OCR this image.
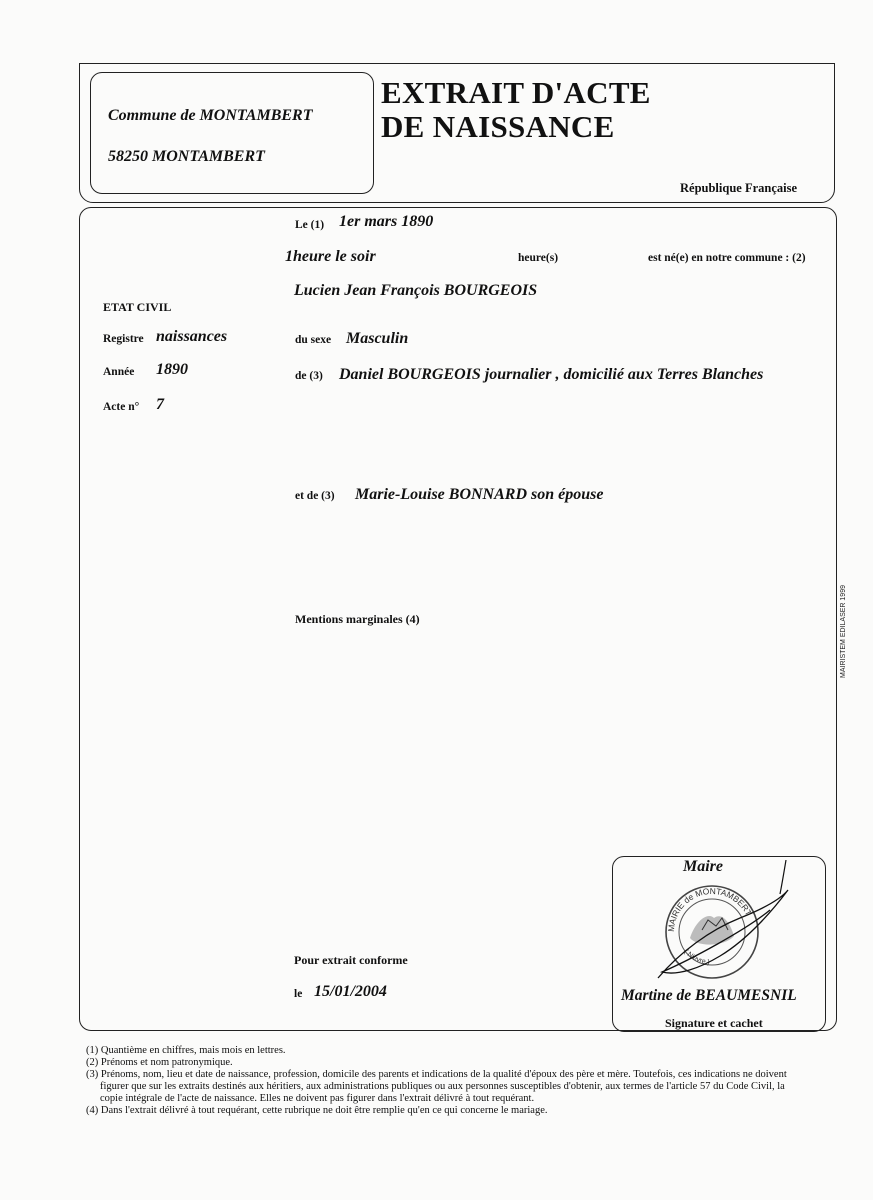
Commune de MONTAMBERT
58250 MONTAMBERT
EXTRAIT D'ACTE
DE NAISSANCE
République Française
ETAT CIVIL
Registre naissances
Année 1890
Acte n° 7
Le (1) 1er mars 1890
1heure le soir	heure(s)	est né(e) en notre commune : (2)
Lucien Jean François BOURGEOIS
du sexe Masculin
de (3) Daniel BOURGEOIS journalier , domicilié aux Terres Blanches
et de (3) Marie-Louise BONNARD son épouse
Mentions marginales (4)
Pour extrait conforme
le 15/01/2004
Maire
MAIRIE de MONTAMBERT
( Nièvre )
Martine de BEAUMESNIL
Signature et cachet
(1) Quantième en chiffres, mais mois en lettres.
(2) Prénoms et nom patronymique.
(3) Prénoms, nom, lieu et date de naissance, profession, domicile des parents et indications de la qualité d'époux des père et mère. Toutefois, ces indications ne doivent
figurer que sur les extraits destinés aux héritiers, aux administrations publiques ou aux personnes susceptibles d'obtenir, aux termes de l'article 57 du Code Civil, la
copie intégrale de l'acte de naissance. Elles ne doivent pas figurer dans l'extrait délivré à tout requérant.
(4) Dans l'extrait délivré à tout requérant, cette rubrique ne doit être remplie qu'en ce qui concerne le mariage.
MAIRISTEM EDILASER 1999
